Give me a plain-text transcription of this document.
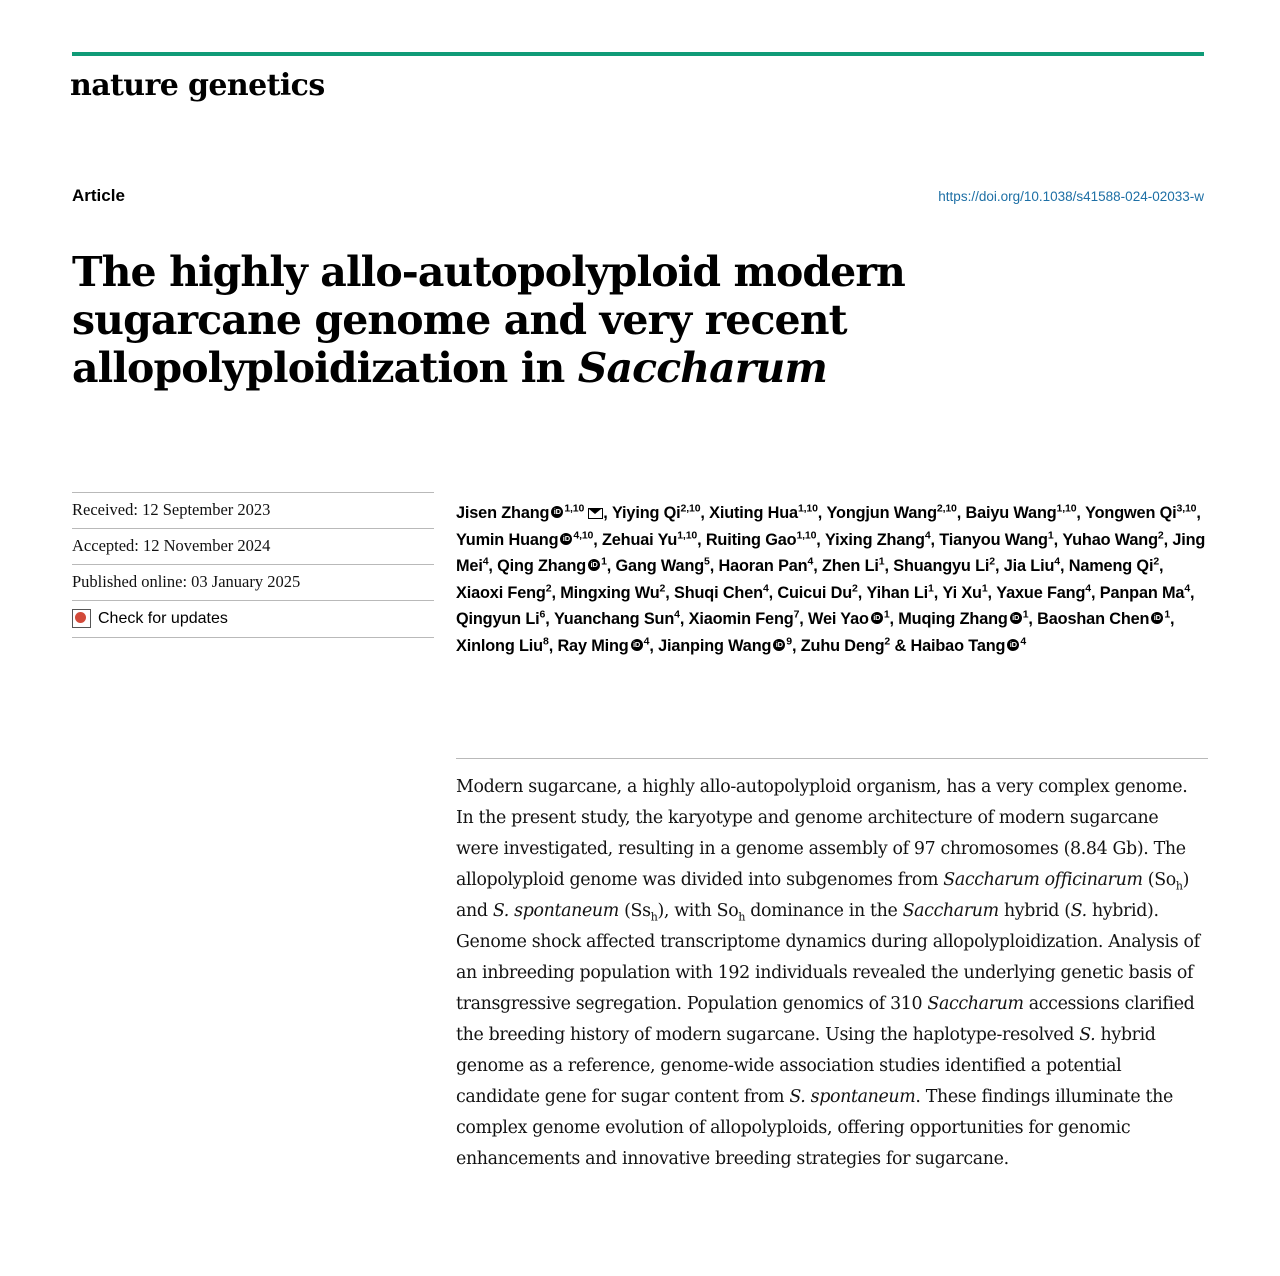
nature genetics
Article	https://doi.org/10.1038/s41588-024-02033-w
The highly allo-autopolyploid modern
sugarcane genome and very recent
allopolyploidization in Saccharum
Received: 12 September 2023
Accepted: 12 November 2024
Published online: 03 January 2025
Check for updates
Jisen Zhang iD $^{1,10}$ , Yiying Qi$^{2,10}$, Xiuting Hua$^{1,10}$, Yongjun Wang$^{2,10}$, Baiyu Wang$^{1,10}$, Yongwen Qi$^{3,10}$, Yumin Huang iD $^{4,10}$, Zehuai Yu$^{1,10}$, Ruiting Gao$^{1,10}$, Yixing Zhang$^4$, Tianyou Wang$^1$, Yuhao Wang$^2$, Jing Mei$^4$, Qing Zhang iD $^1$, Gang Wang$^5$, Haoran Pan$^4$, Zhen Li$^1$, Shuangyu Li$^2$, Jia Liu$^4$, Nameng Qi$^2$, Xiaoxi Feng$^2$, Mingxing Wu$^2$, Shuqi Chen$^4$, Cuicui Du$^2$, Yihan Li$^1$, Yi Xu$^1$, Yaxue Fang$^4$, Panpan Ma$^4$, Qingyun Li$^6$, Yuanchang Sun$^4$, Xiaomin Feng$^7$, Wei Yao iD $^1$, Muqing Zhang iD $^1$, Baoshan Chen iD $^1$, Xinlong Liu$^8$, Ray Ming iD $^4$, Jianping Wang iD $^9$, Zuhu Deng$^2$ & Haibao Tang iD $^4$
Modern sugarcane, a highly allo-autopolyploid organism, has a very complex genome. In the present study, the karyotype and genome architecture of modern sugarcane were investigated, resulting in a genome assembly of 97 chromosomes (8.84 Gb). The allopolyploid genome was divided into subgenomes from Saccharum officinarum $(So_h)$ and S. spontaneum $(Ss_h)$, with $So_h$ dominance in the Saccharum hybrid (S. hybrid). Genome shock affected transcriptome dynamics during allopolyploidization. Analysis of an inbreeding population with 192 individuals revealed the underlying genetic basis of transgressive segregation. Population genomics of 310 Saccharum accessions clarified the breeding history of modern sugarcane. Using the haplotype-resolved S. hybrid genome as a reference, genome-wide association studies identified a potential candidate gene for sugar content from S. spontaneum. These findings illuminate the complex genome evolution of allopolyploids, offering opportunities for genomic enhancements and innovative breeding strategies for sugarcane.
